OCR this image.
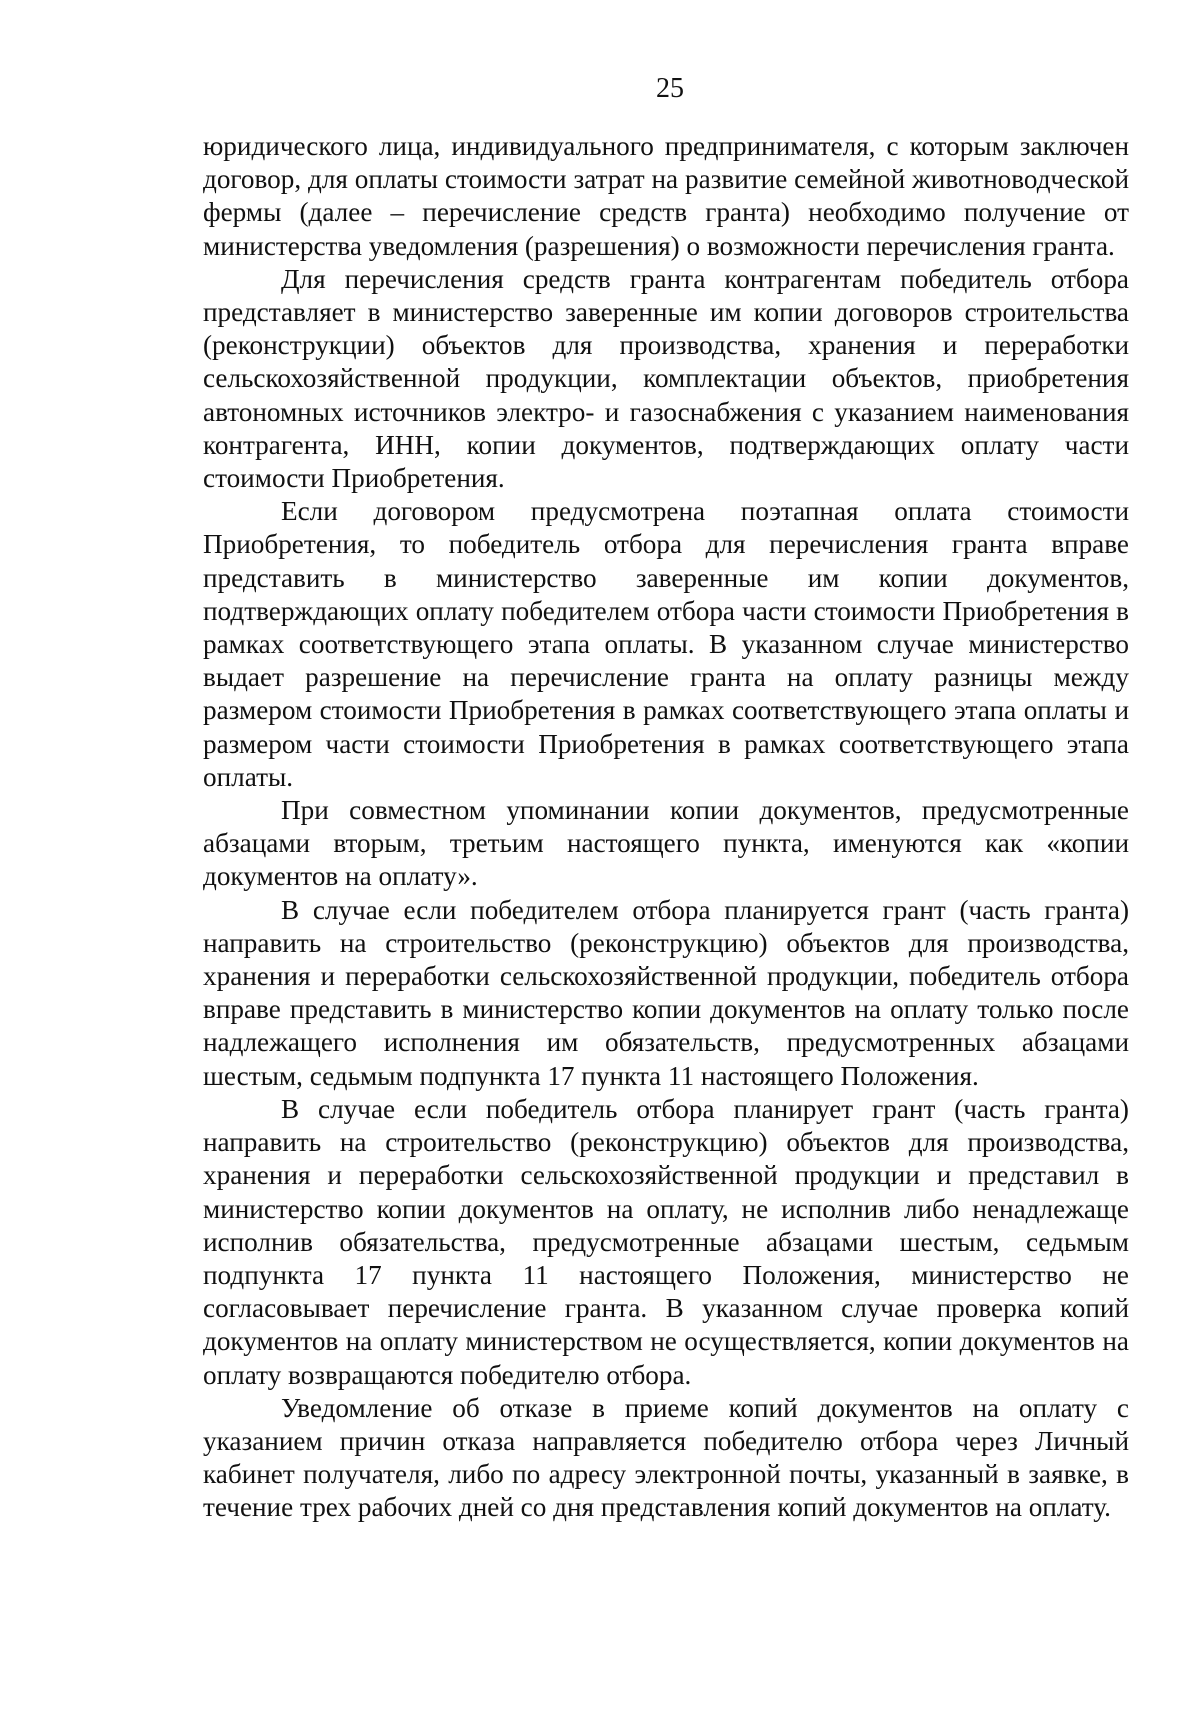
25

юридического лица, индивидуального предпринимателя, с которым заключен договор, для оплаты стоимости затрат на развитие семейной животноводческой фермы (далее – перечисление средств гранта) необходимо получение от министерства уведомления (разрешения) о возможности перечисления гранта.

Для перечисления средств гранта контрагентам победитель отбора представляет в министерство заверенные им копии договоров строительства (реконструкции) объектов для производства, хранения и переработки сельскохозяйственной продукции, комплектации объектов, приобретения автономных источников электро- и газоснабжения с указанием наименования контрагента, ИНН, копии документов, подтверждающих оплату части стоимости Приобретения.

Если договором предусмотрена поэтапная оплата стоимости Приобретения, то победитель отбора для перечисления гранта вправе представить в министерство заверенные им копии документов, подтверждающих оплату победителем отбора части стоимости Приобретения в рамках соответствующего этапа оплаты. В указанном случае министерство выдает разрешение на перечисление гранта на оплату разницы между размером стоимости Приобретения в рамках соответствующего этапа оплаты и размером части стоимости Приобретения в рамках соответствующего этапа оплаты.

При совместном упоминании копии документов, предусмотренные абзацами вторым, третьим настоящего пункта, именуются как «копии документов на оплату».

В случае если победителем отбора планируется грант (часть гранта) направить на строительство (реконструкцию) объектов для производства, хранения и переработки сельскохозяйственной продукции, победитель отбора вправе представить в министерство копии документов на оплату только после надлежащего исполнения им обязательств, предусмотренных абзацами шестым, седьмым подпункта 17 пункта 11 настоящего Положения.

В случае если победитель отбора планирует грант (часть гранта) направить на строительство (реконструкцию) объектов для производства, хранения и переработки сельскохозяйственной продукции и представил в министерство копии документов на оплату, не исполнив либо ненадлежаще исполнив обязательства, предусмотренные абзацами шестым, седьмым подпункта 17 пункта 11 настоящего Положения, министерство не согласовывает перечисление гранта. В указанном случае проверка копий документов на оплату министерством не осуществляется, копии документов на оплату возвращаются победителю отбора.

Уведомление об отказе в приеме копий документов на оплату с указанием причин отказа направляется победителю отбора через Личный кабинет получателя, либо по адресу электронной почты, указанный в заявке, в течение трех рабочих дней со дня представления копий документов на оплату.
